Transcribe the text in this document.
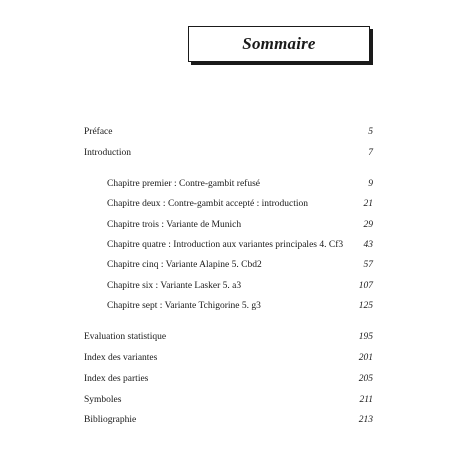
Sommaire
Préface	5
Introduction	7
Chapitre premier : Contre-gambit refusé	9
Chapitre deux : Contre-gambit accepté : introduction	21
Chapitre trois : Variante de Munich	29
Chapitre quatre : Introduction aux variantes principales 4. Cf3 43
Chapitre cinq : Variante Alapine 5. Cbd2	57
Chapitre six : Variante Lasker 5. a3	107
Chapitre sept : Variante Tchigorine 5. g3	125
Evaluation statistique	195
Index des variantes	201
Index des parties	205
Symboles	211
Bibliographie	213
